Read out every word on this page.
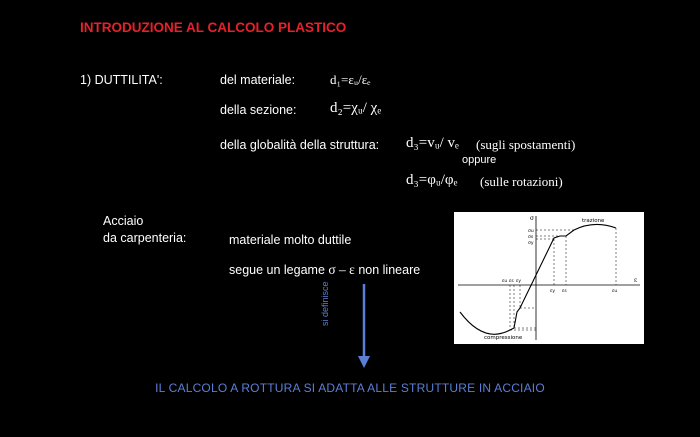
INTRODUZIONE AL CALCOLO PLASTICO
1) DUTTILITA':	del materiale:	d₁=εᵤ/εₑ
della sezione: d₂=χᵤ/ χₑ
della globalità della struttura: d₃=vᵤ/ vₑ (sugli spostamenti)
oppure
d₃=φᵤ/φₑ (sulle rotazioni)
Acciaio
da carpenteria:	materiale molto duttile
segue un legame σ – ε non lineare
trazione
compressione
σ
ε
σu
σs
σy
εy εs	εu
εy
εs
εu
si definisce
IL CALCOLO A ROTTURA SI ADATTA ALLE STRUTTURE IN ACCIAIO
